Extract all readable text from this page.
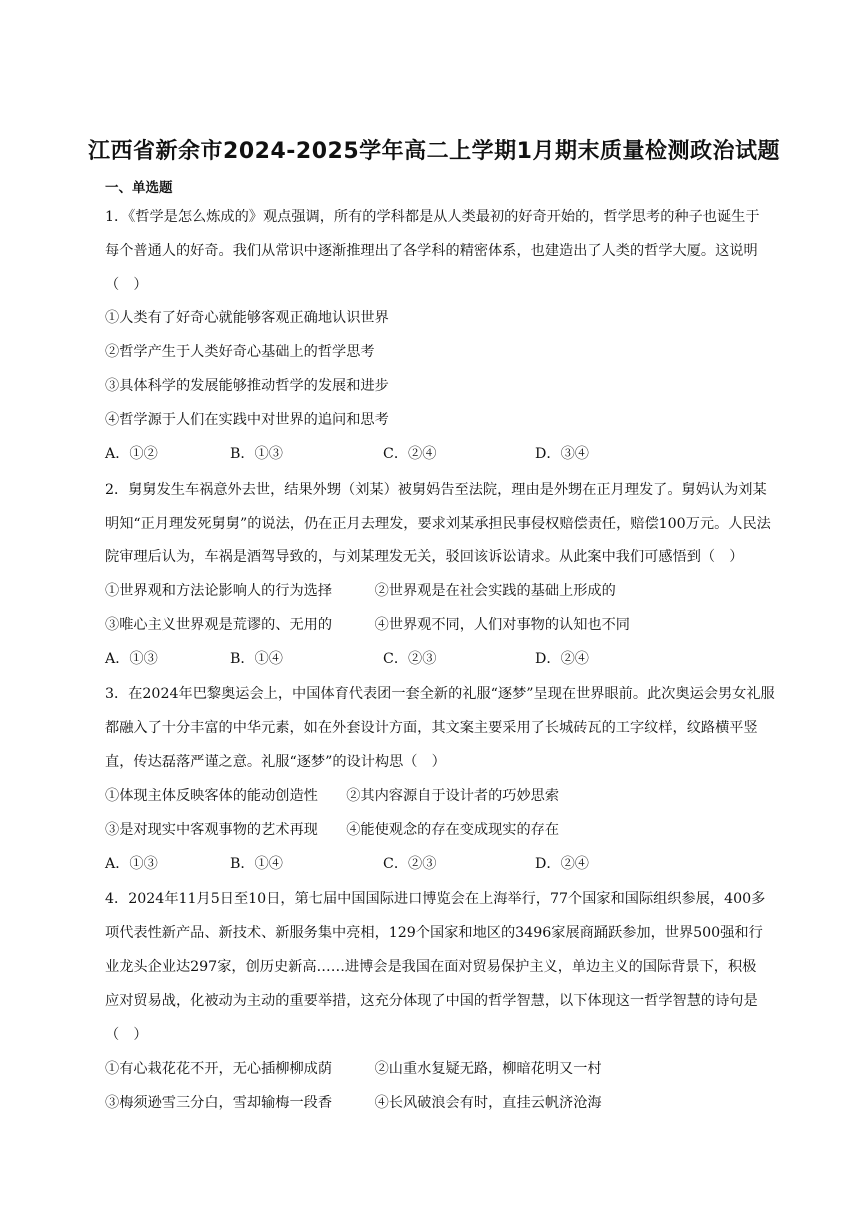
江西省新余市2024-2025学年高二上学期1月期末质量检测政治试题
一、单选题
1．《哲学是怎么炼成的》观点强调，所有的学科都是从人类最初的好奇开始的，哲学思考的种子也诞生于
每个普通人的好奇。我们从常识中逐渐推理出了各学科的精密体系，也建造出了人类的哲学大厦。这说明
（　）
①人类有了好奇心就能够客观正确地认识世界
②哲学产生于人类好奇心基础上的哲学思考
③具体科学的发展能够推动哲学的发展和进步
④哲学源于人们在实践中对世界的追问和思考
A．①②	B．①③	C．②④	D．③④
2．舅舅发生车祸意外去世，结果外甥（刘某）被舅妈告至法院，理由是外甥在正月理发了。舅妈认为刘某
明知“正月理发死舅舅”的说法，仍在正月去理发，要求刘某承担民事侵权赔偿责任，赔偿100万元。人民法
院审理后认为，车祸是酒驾导致的，与刘某理发无关，驳回该诉讼请求。从此案中我们可感悟到（　）
①世界观和方法论影响人的行为选择　　　②世界观是在社会实践的基础上形成的
③唯心主义世界观是荒谬的、无用的　　　④世界观不同，人们对事物的认知也不同
A．①③	B．①④	C．②③	D．②④
3．在2024年巴黎奥运会上，中国体育代表团一套全新的礼服“逐梦”呈现在世界眼前。此次奥运会男女礼服
都融入了十分丰富的中华元素，如在外套设计方面，其文案主要采用了长城砖瓦的工字纹样，纹路横平竖
直，传达磊落严谨之意。礼服“逐梦”的设计构思（　）
①体现主体反映客体的能动创造性　　②其内容源自于设计者的巧妙思索
③是对现实中客观事物的艺术再现　　④能使观念的存在变成现实的存在
A．①③	B．①④	C．②③	D．②④
4．2024年11月5日至10日，第七届中国国际进口博览会在上海举行，77个国家和国际组织参展，400多
项代表性新产品、新技术、新服务集中亮相，129个国家和地区的3496家展商踊跃参加，世界500强和行
业龙头企业达297家，创历史新高……进博会是我国在面对贸易保护主义，单边主义的国际背景下，积极
应对贸易战，化被动为主动的重要举措，这充分体现了中国的哲学智慧，以下体现这一哲学智慧的诗句是
（　）
①有心栽花花不开，无心插柳柳成荫　　　②山重水复疑无路，柳暗花明又一村
③梅须逊雪三分白，雪却输梅一段香　　　④长风破浪会有时，直挂云帆济沧海
